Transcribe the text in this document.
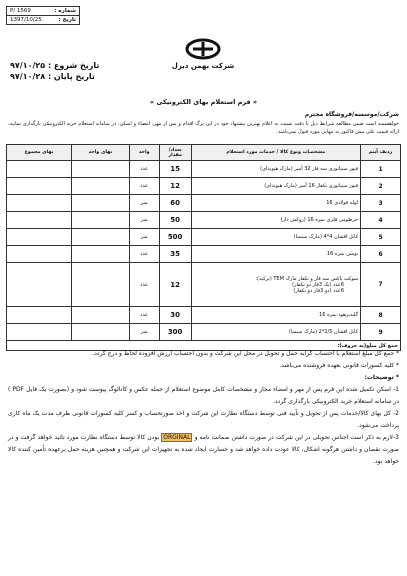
شماره :
P/ 1569
تاریخ :
1397/10/25
تاریخ شروع : ۹۷/۱۰/۲۵
تاریخ پایان : ۹۷/۱۰/۲۸
شرکت بهمن دیزل
« فرم استعلام بهای الکترونیکی »
شرکت/موسسه/فروشگاه محترم
خواهشمند است ضمن مطالعه شرایط ذیل با دقت نسبت به اعلام بهترین پیشنهاد خود در این برگ اقدام و پس از مهر، امضاء و اسکن، در سامانه استعلام خرید الکترونیکی بارگذاری نمایید، ارائه قیمت علی پیش فاکتور به تنهایی مورد قبول نمی‌باشد.
ردیف آیتم	مشخصات ونوع کالا / خدمات مورد استعلام	تعداد/ مقدار	واحد	بهای واحد	بهای مجموع
1	فیوز مینیاتوری سه فاز 32 آمپر (مارک هیوندای)	15	عدد		
2	فیوز مینیاتوری تکفاز 16 آمپر (مارک هیوندای)	12	عدد		
3	لوله فولادی 16	60	متر		
4	خرطومی فلزی نمره 16 (روکش دار)	50	متر		
5	کابل افشان 4*4 (مارک سیمیا)	500	متر		
6	بوشن نمره 16	35	عدد		
7	سوکت باکس سه فاز و تکفاز مارک TEM (ترکیه):
6عدد (یک 3فاز دو تکفاز)
6عدد (دو 3فاز دو تکفاز)	12	عدد		
8	گلندبرهود نمره 16	30	عدد		
9	کابل افشان 2/5*2 (مارک سیمیا)	300	متر		
جمع کل مبلغ(به حروف):					
* جمع کل مبلغ استعلام با احتساب کرایه حمل و تحویل در محل این شرکت و بدون احتساب ارزش افزوده لحاظ و درج گردد.
* کلیه کسورات قانونی بعهده فروشنده می‌باشد.
* توضیحات:
1- اسکن تکمیل شده این فرم پس از مهر و امضاء مجاز و مشخصات کامل موضوع استعلام از جمله عکس و کاتالوگ پیوست شود و (بصورت یک فایل PDF ) در سامانه استعلام خرید الکترونیکی بارگذاری گردد.
2- کل بهای کالا/خدمات پس از تحویل و تأیید فنی توسط دستگاه نظارت این شرکت و اخذ صورتحساب و کسر کلیه کسورات قانونی ظرف مدت یک ماه کاری پرداخت می‌شود.
3-لازم به ذکر است اجناس تحویلی در این شرکت در صورت داشتن ضمانت نامه و ORGINAL بودن کالا توسط دستگاه نظارت مورد تائید خواهد گرفت و در صورت نقصان و داشتن هرگونه اشکال، کالا عودت داده خواهد شد و خسارت ایجاد شده به تجهیزات این شرکت و همچنین هزینه حمل برعهده تأمین کننده کالا خواهد بود.
